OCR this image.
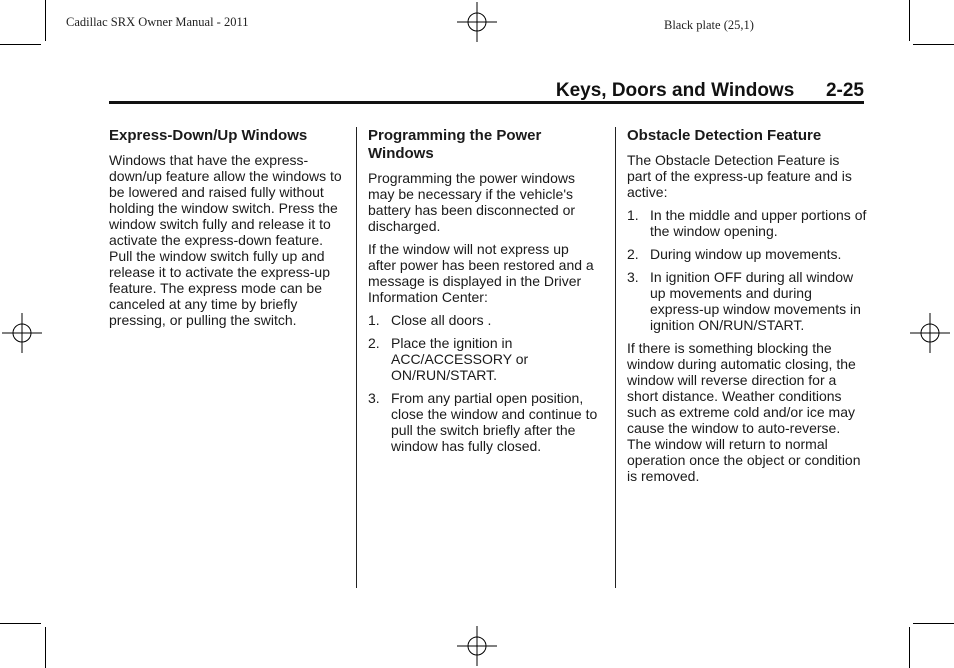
Cadillac SRX Owner Manual - 2011	Black plate (25,1)
Keys, Doors and Windows 2-25
Express-Down/Up Windows

Windows that have the express-down/up feature allow the windows to be lowered and raised fully without holding the window switch. Press the window switch fully and release it to activate the express-down feature. Pull the window switch fully up and release it to activate the express-up feature. The express mode can be canceled at any time by briefly pressing, or pulling the switch.

Programming the Power Windows

Programming the power windows may be necessary if the vehicle's battery has been disconnected or discharged.

If the window will not express up after power has been restored and a message is displayed in the Driver Information Center:

1. Close all doors .
2. Place the ignition in ACC/ACCESSORY or ON/RUN/START.
3. From any partial open position, close the window and continue to pull the switch briefly after the window has fully closed.
Obstacle Detection Feature

The Obstacle Detection Feature is part of the express-up feature and is active:

1. In the middle and upper portions of the window opening.
2. During window up movements.
3. In ignition OFF during all window up movements and during express-up window movements in ignition ON/RUN/START.

If there is something blocking the window during automatic closing, the window will reverse direction for a short distance. Weather conditions such as extreme cold and/or ice may cause the window to auto-reverse. The window will return to normal operation once the object or condition is removed.
